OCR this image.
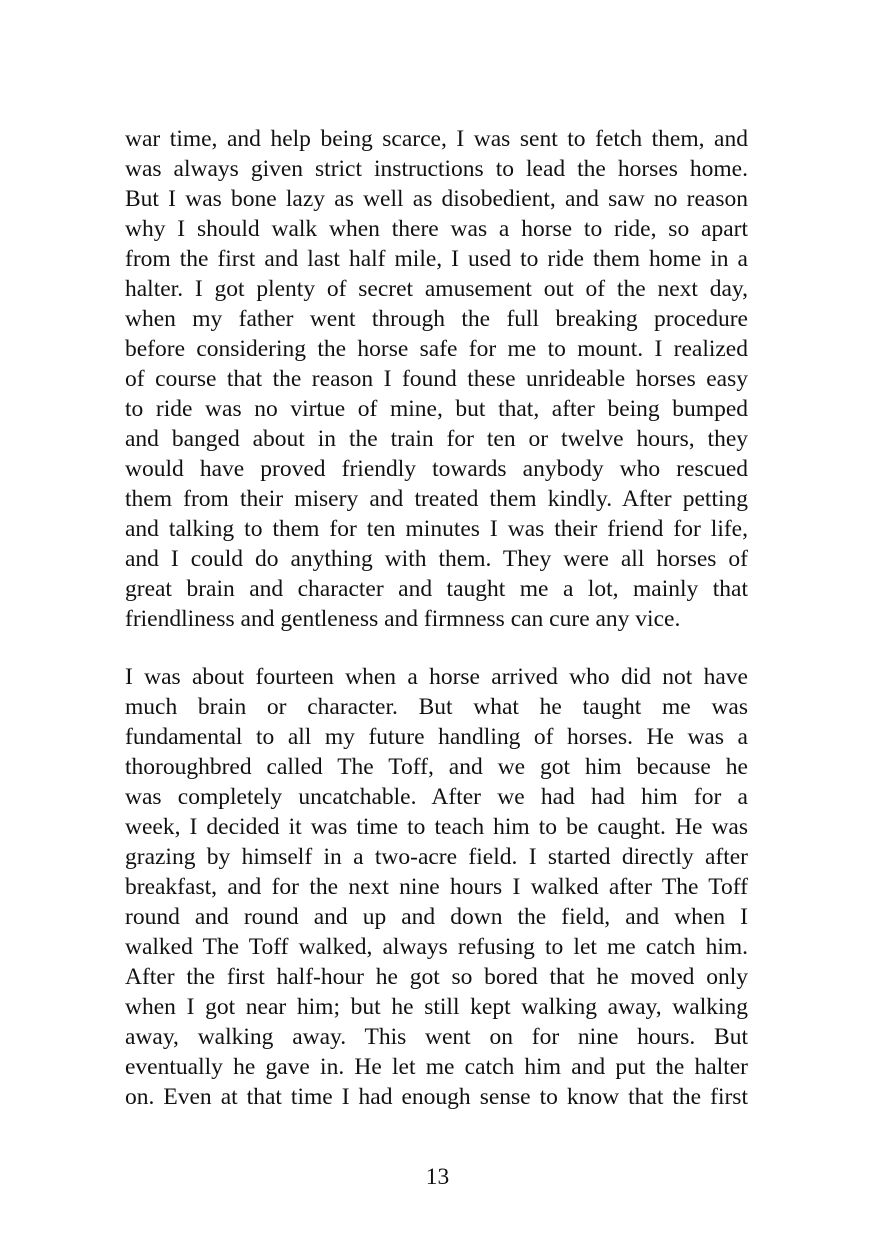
war time, and help being scarce, I was sent to fetch them, and
was always given strict instructions to lead the horses home.
But I was bone lazy as well as disobedient, and saw no reason
why I should walk when there was a horse to ride, so apart
from the first and last half mile, I used to ride them home in a
halter. I got plenty of secret amusement out of the next day,
when my father went through the full breaking procedure
before considering the horse safe for me to mount. I realized
of course that the reason I found these unrideable horses easy
to ride was no virtue of mine, but that, after being bumped
and banged about in the train for ten or twelve hours, they
would have proved friendly towards anybody who rescued
them from their misery and treated them kindly. After petting
and talking to them for ten minutes I was their friend for life,
and I could do anything with them. They were all horses of
great brain and character and taught me a lot, mainly that
friendliness and gentleness and firmness can cure any vice.
I was about fourteen when a horse arrived who did not have
much brain or character. But what he taught me was
fundamental to all my future handling of horses. He was a
thoroughbred called The Toff, and we got him because he
was completely uncatchable. After we had had him for a
week, I decided it was time to teach him to be caught. He was
grazing by himself in a two-acre field. I started directly after
breakfast, and for the next nine hours I walked after The Toff
round and round and up and down the field, and when I
walked The Toff walked, always refusing to let me catch him.
After the first half-hour he got so bored that he moved only
when I got near him; but he still kept walking away, walking
away, walking away. This went on for nine hours. But
eventually he gave in. He let me catch him and put the halter
on. Even at that time I had enough sense to know that the first
13
